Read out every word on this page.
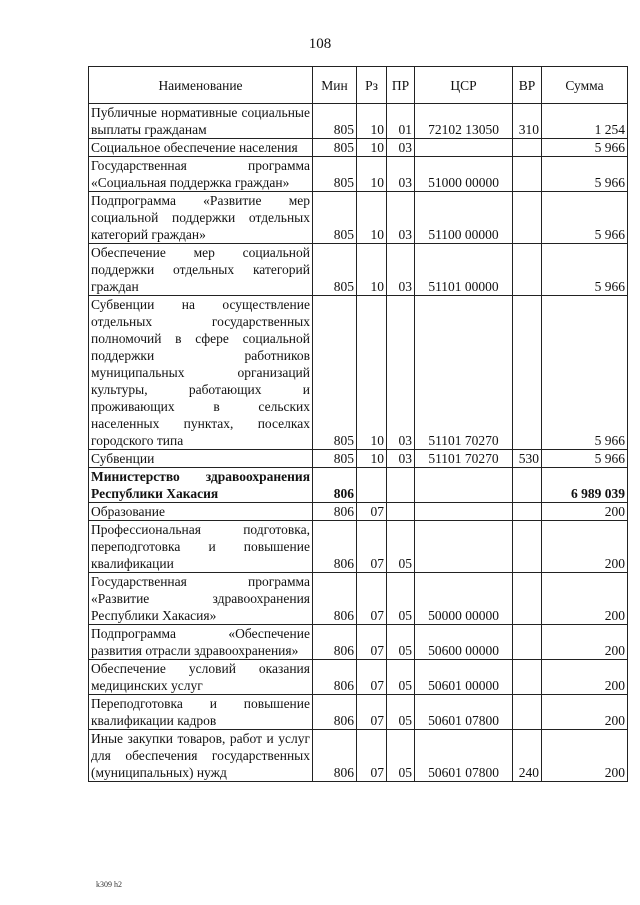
108
Наименование	Мин	Рз	ПР	ЦСР	ВР	Сумма
Публичные нормативные социальные выплаты гражданам	805	10	01	72102 13050	310	1 254
Социальное обеспечение населения	805	10	03			5 966
Государственная программа «Социальная поддержка граждан»	805	10	03	51000 00000		5 966
Подпрограмма «Развитие мер социальной поддержки отдельных категорий граждан»	805	10	03	51100 00000		5 966
Обеспечение мер социальной поддержки отдельных категорий граждан	805	10	03	51101 00000		5 966
Субвенции на осуществление отдельных государственных полномочий в сфере социальной поддержки работников муниципальных организаций культуры, работающих и проживающих в сельских населенных пунктах, поселках городского типа	805	10	03	51101 70270		5 966
Субвенции	805	10	03	51101 70270	530	5 966
Министерство здравоохранения Республики Хакасия	806					6 989 039
Образование	806	07				200
Профессиональная подготовка, переподготовка и повышение квалификации	806	07	05			200
Государственная программа «Развитие здравоохранения Республики Хакасия»	806	07	05	50000 00000		200
Подпрограмма «Обеспечение развития отрасли здравоохранения»	806	07	05	50600 00000		200
Обеспечение условий оказания медицинских услуг	806	07	05	50601 00000		200
Переподготовка и повышение квалификации кадров	806	07	05	50601 07800		200
Иные закупки товаров, работ и услуг для обеспечения государственных (муниципальных) нужд	806	07	05	50601 07800	240	200
k309 h2
